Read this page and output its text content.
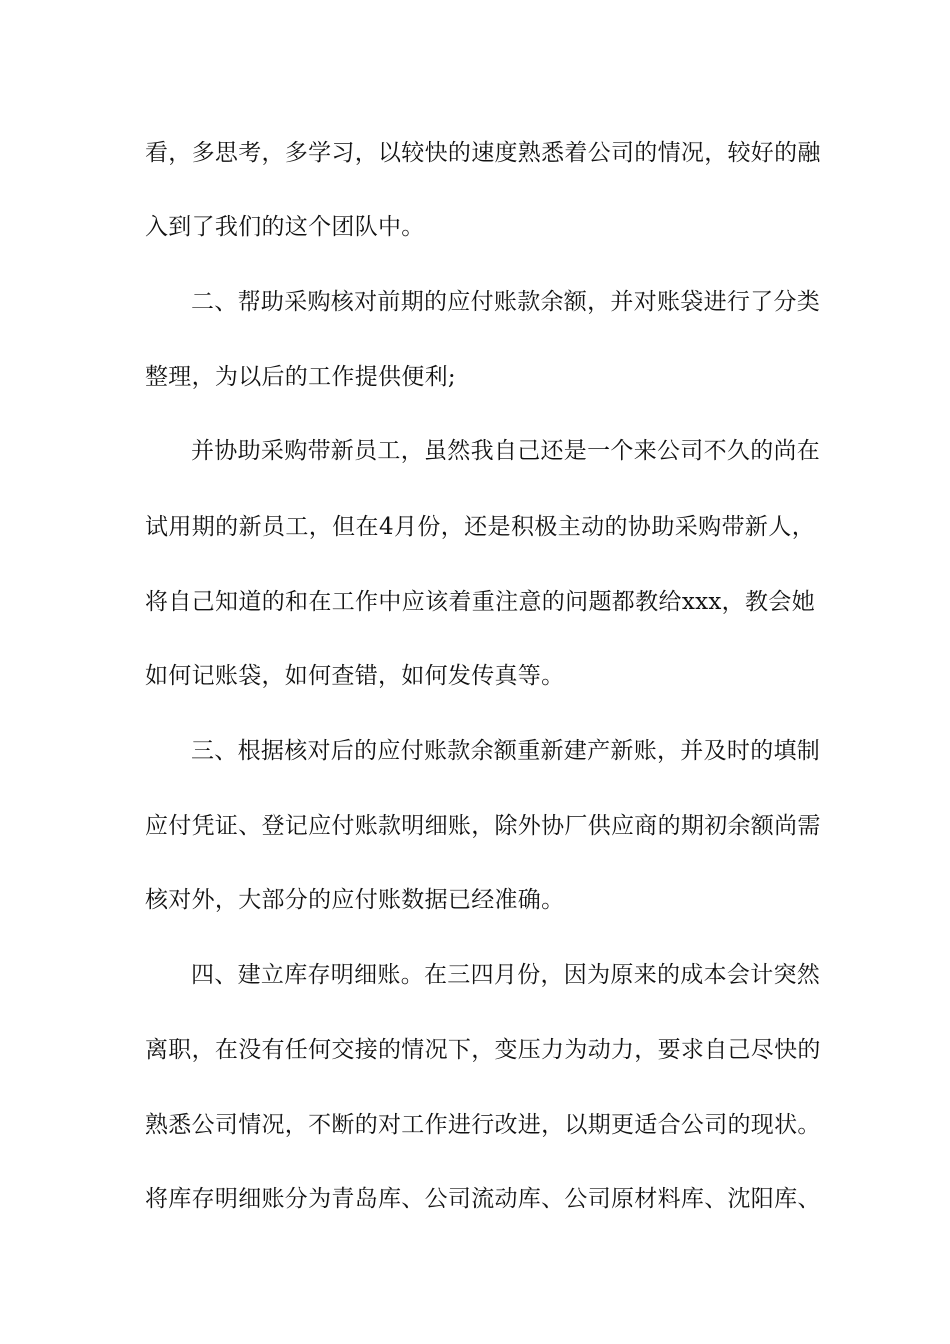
看，多思考，多学习，以较快的速度熟悉着公司的情况，较好的融
入到了我们的这个团队中。
二、帮助采购核对前期的应付账款余额，并对账袋进行了分类
整理，为以后的工作提供便利;
并协助采购带新员工，虽然我自己还是一个来公司不久的尚在
试用期的新员工，但在4月份，还是积极主动的协助采购带新人，
将自己知道的和在工作中应该着重注意的问题都教给xxx，教会她
如何记账袋，如何查错，如何发传真等。
三、根据核对后的应付账款余额重新建产新账，并及时的填制
应付凭证、登记应付账款明细账，除外协厂供应商的期初余额尚需
核对外，大部分的应付账数据已经准确。
四、建立库存明细账。在三四月份，因为原来的成本会计突然
离职，在没有任何交接的情况下，变压力为动力，要求自己尽快的
熟悉公司情况，不断的对工作进行改进，以期更适合公司的现状。
将库存明细账分为青岛库、公司流动库、公司原材料库、沈阳库、
